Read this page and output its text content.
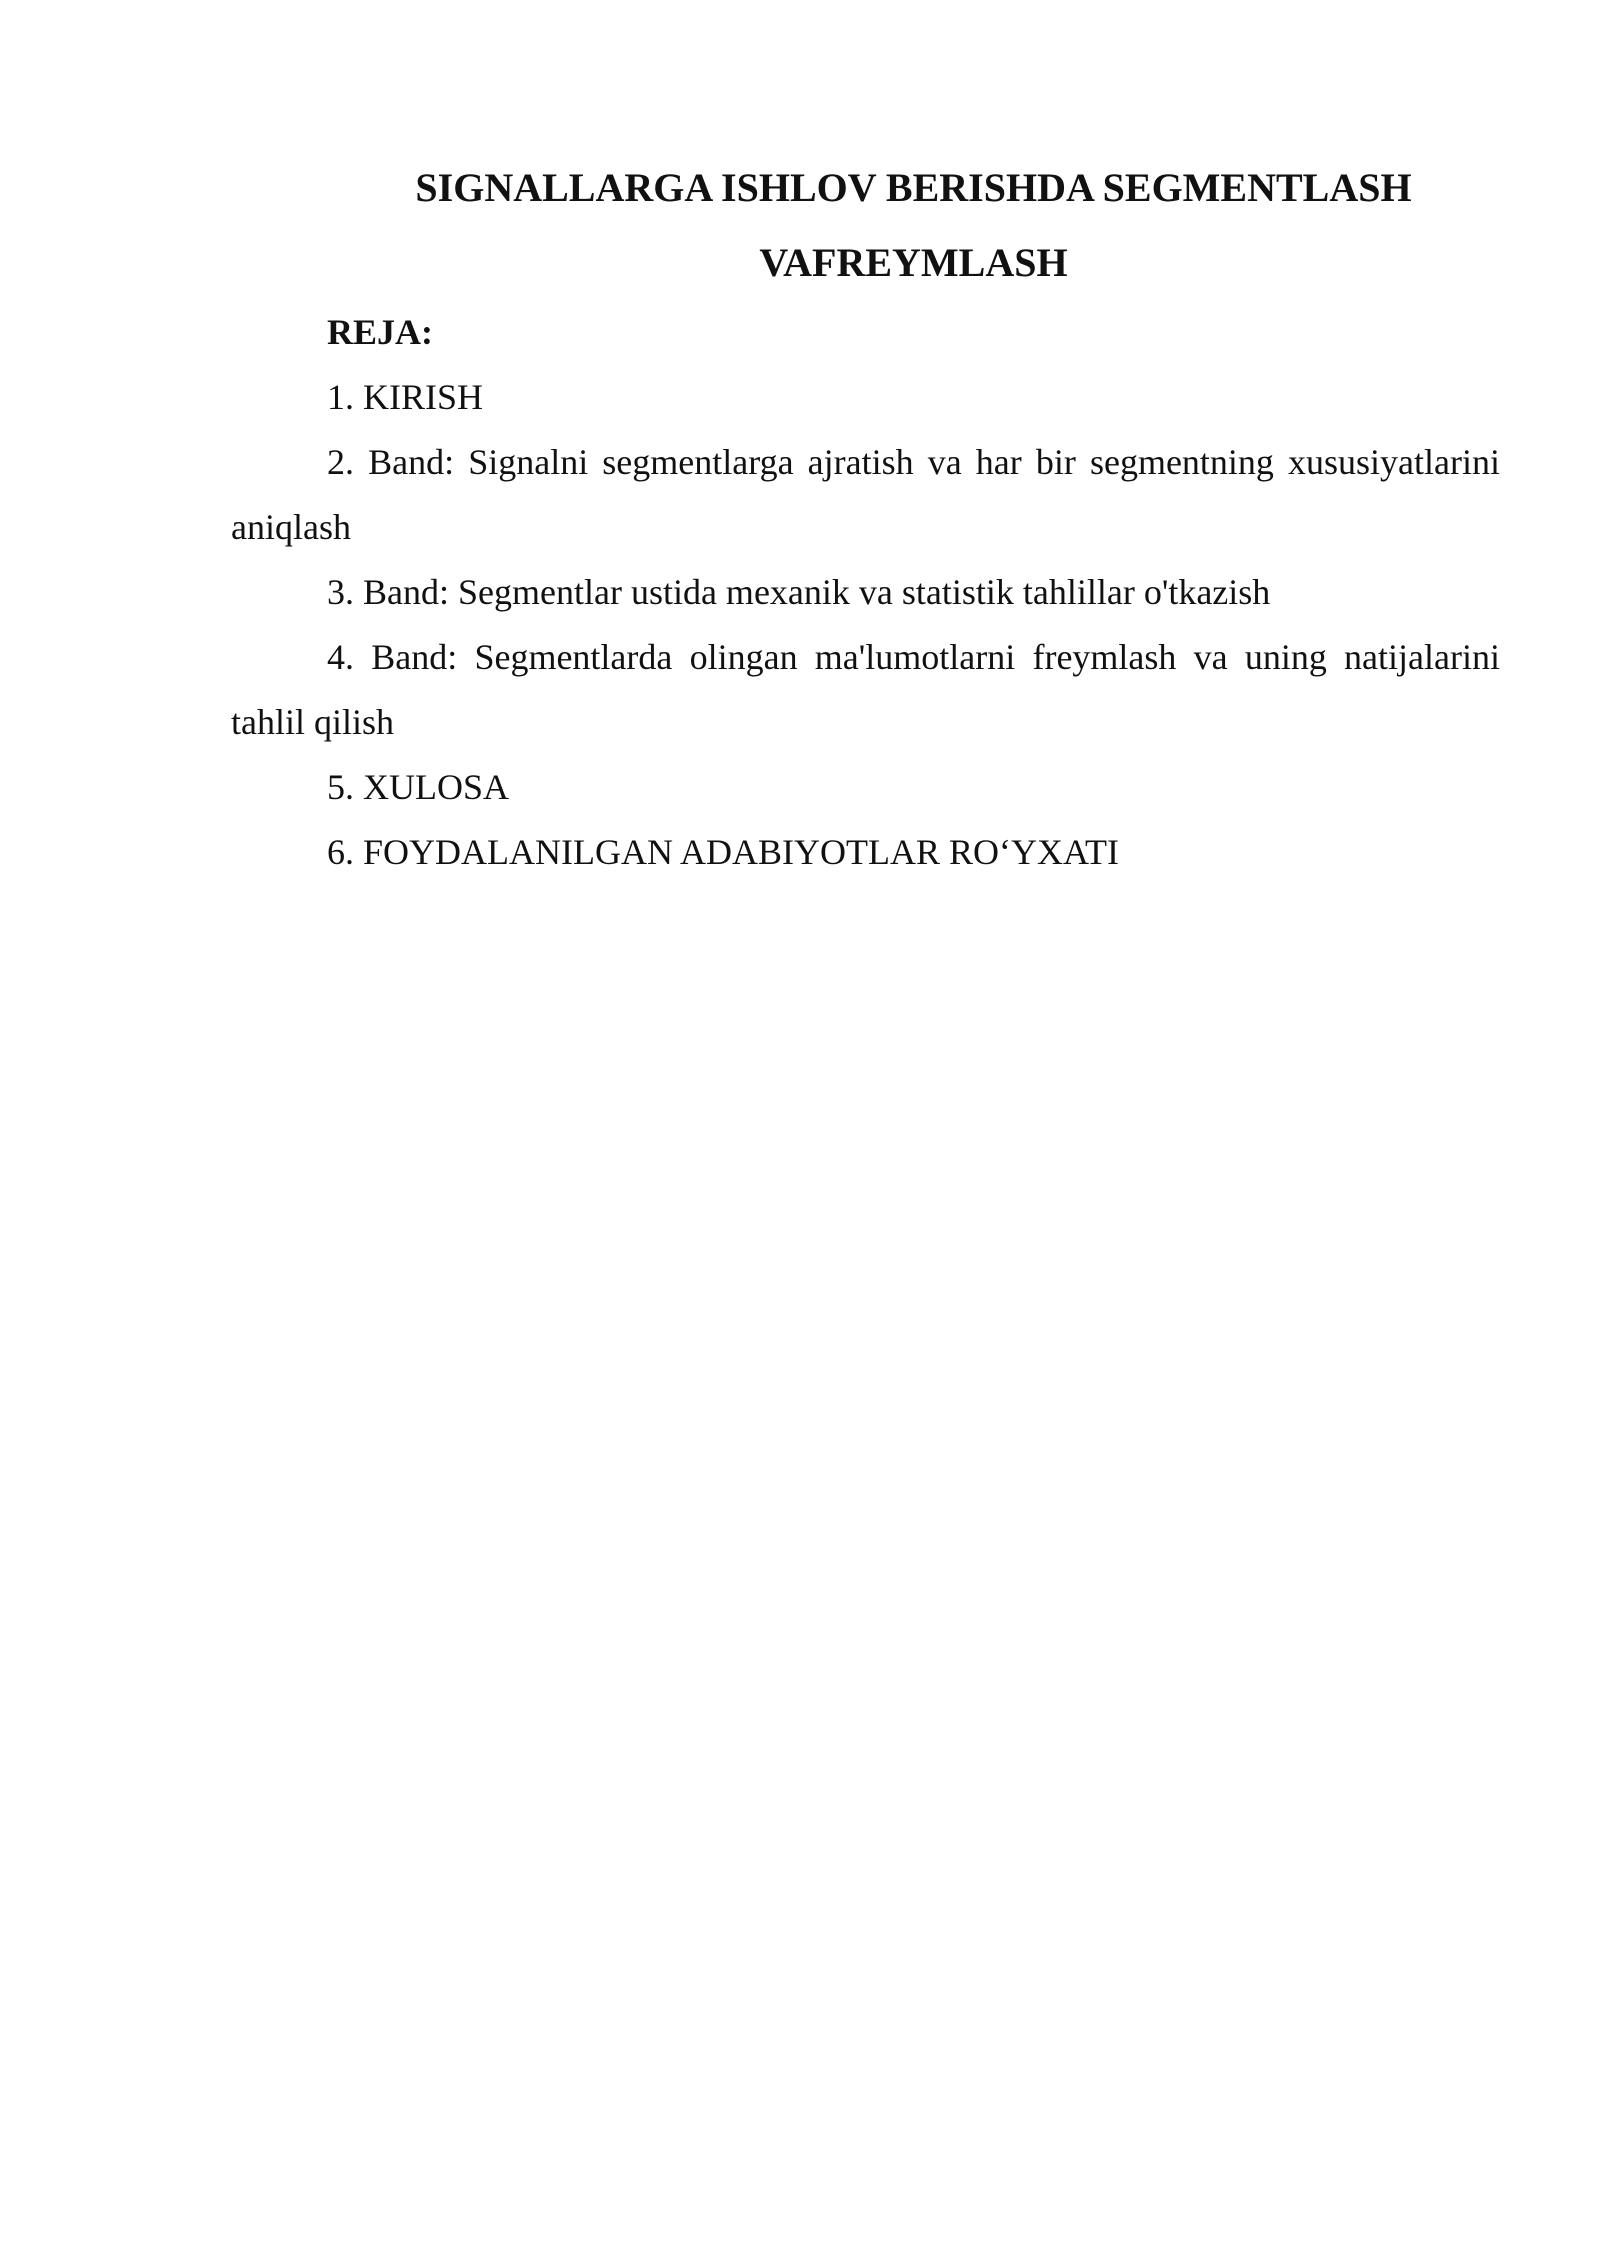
SIGNALLARGA ISHLOV BERISHDA SEGMENTLASH
VAFREYMLASH

REJA:

1. KIRISH
2. Band: Signalni segmentlarga ajratish va har bir segmentning xususiyatlarini aniqlash
3. Band: Segmentlar ustida mexanik va statistik tahlillar o'tkazish
4. Band: Segmentlarda olingan ma'lumotlarni freymlash va uning natijalarini tahlil qilish
5. XULOSA
6. FOYDALANILGAN ADABIYOTLAR RO‘YXATI
